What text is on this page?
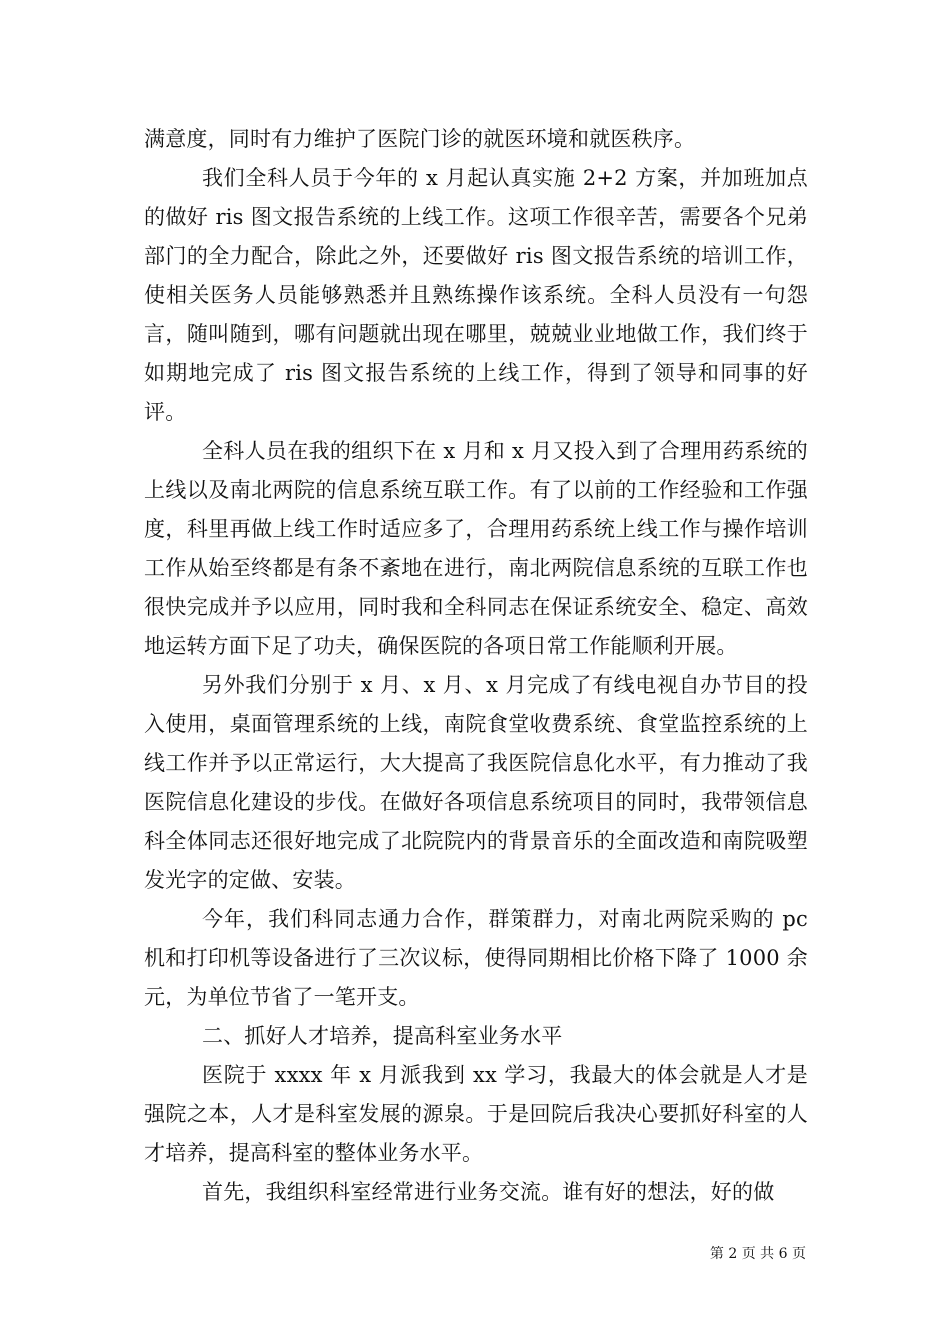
满意度，同时有力维护了医院门诊的就医环境和就医秩序。

我们全科人员于今年的 x 月起认真实施 2+2 方案，并加班加点的做好 ris 图文报告系统的上线工作。这项工作很辛苦，需要各个兄弟部门的全力配合，除此之外，还要做好 ris 图文报告系统的培训工作，使相关医务人员能够熟悉并且熟练操作该系统。全科人员没有一句怨言，随叫随到，哪有问题就出现在哪里，兢兢业业地做工作，我们终于如期地完成了 ris 图文报告系统的上线工作，得到了领导和同事的好评。

全科人员在我的组织下在 x 月和 x 月又投入到了合理用药系统的上线以及南北两院的信息系统互联工作。有了以前的工作经验和工作强度，科里再做上线工作时适应多了，合理用药系统上线工作与操作培训工作从始至终都是有条不紊地在进行，南北两院信息系统的互联工作也很快完成并予以应用，同时我和全科同志在保证系统安全、稳定、高效地运转方面下足了功夫，确保医院的各项日常工作能顺利开展。

另外我们分别于 x 月、x 月、x 月完成了有线电视自办节目的投入使用，桌面管理系统的上线，南院食堂收费系统、食堂监控系统的上线工作并予以正常运行，大大提高了我医院信息化水平，有力推动了我医院信息化建设的步伐。在做好各项信息系统项目的同时，我带领信息科全体同志还很好地完成了北院院内的背景音乐的全面改造和南院吸塑发光字的定做、安装。

今年，我们科同志通力合作，群策群力，对南北两院采购的 pc 机和打印机等设备进行了三次议标，使得同期相比价格下降了 1000 余元，为单位节省了一笔开支。

二、抓好人才培养，提高科室业务水平

医院于 xxxx 年 x 月派我到 xx 学习，我最大的体会就是人才是强院之本，人才是科室发展的源泉。于是回院后我决心要抓好科室的人才培养，提高科室的整体业务水平。

首先，我组织科室经常进行业务交流。谁有好的想法，好的做

第 2 页 共 6 页
